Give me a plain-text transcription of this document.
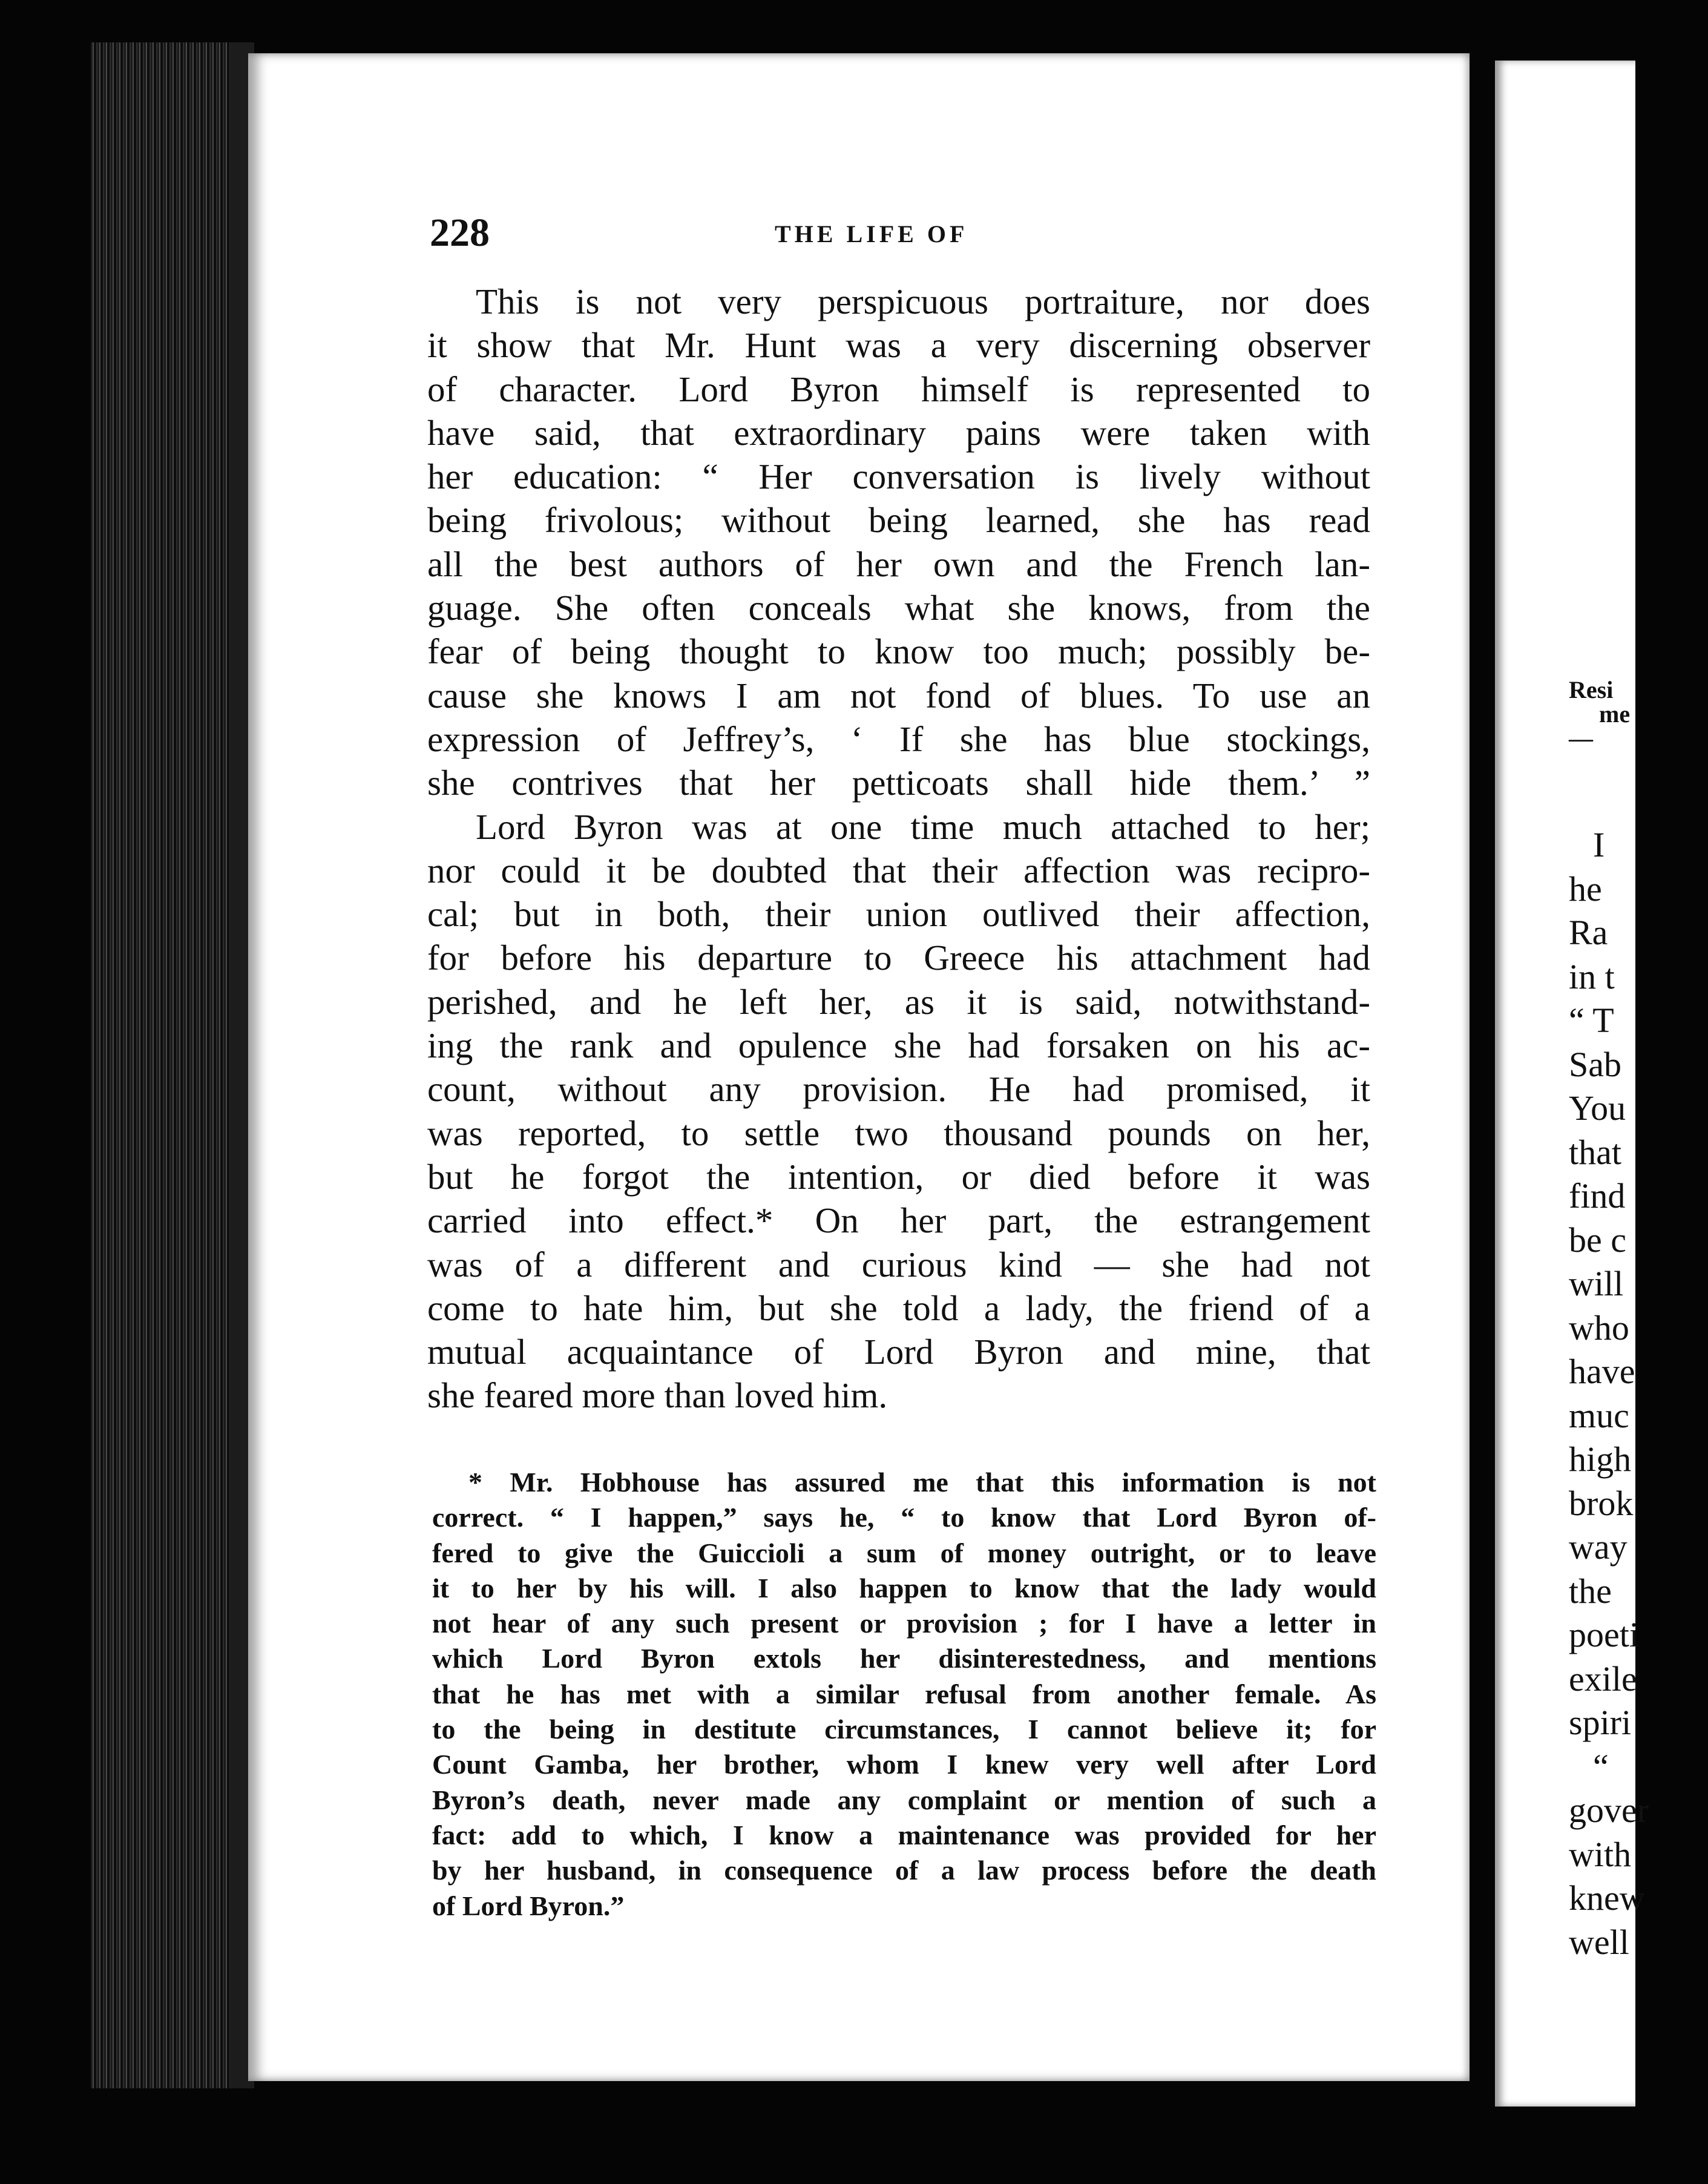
228	THE LIFE OF
This is not very perspicuous portraiture, nor does
it show that Mr. Hunt was a very discerning observer
of character. Lord Byron himself is represented to
have said, that extraordinary pains were taken with
her education: “ Her conversation is lively without
being frivolous; without being learned, she has read
all the best authors of her own and the French lan-
guage. She often conceals what she knows, from the
fear of being thought to know too much; possibly be-
cause she knows I am not fond of blues. To use an
expression of Jeffrey’s, ‘ If she has blue stockings,
she contrives that her petticoats shall hide them.’ ”
Lord Byron was at one time much attached to her;
nor could it be doubted that their affection was recipro-
cal; but in both, their union outlived their affection,
for before his departure to Greece his attachment had
perished, and he left her, as it is said, notwithstand-
ing the rank and opulence she had forsaken on his ac-
count, without any provision. He had promised, it
was reported, to settle two thousand pounds on her,
but he forgot the intention, or died before it was
carried into effect.* On her part, the estrangement
was of a different and curious kind — she had not
come to hate him, but she told a lady, the friend of a
mutual acquaintance of Lord Byron and mine, that
she feared more than loved him.
* Mr. Hobhouse has assured me that this information is not
correct. “ I happen,” says he, “ to know that Lord Byron of-
fered to give the Guiccioli a sum of money outright, or to leave
it to her by his will. I also happen to know that the lady would
not hear of any such present or provision ; for I have a letter in
which Lord Byron extols her disinterestedness, and mentions
that he has met with a similar refusal from another female. As
to the being in destitute circumstances, I cannot believe it; for
Count Gamba, her brother, whom I knew very well after Lord
Byron’s death, never made any complaint or mention of such a
fact: add to which, I know a maintenance was provided for her
by her husband, in consequence of a law process before the death
of Lord Byron.”
Resi
me
—
I
he
Ra
in t
“ T
Sab
You
that
find
be c
will
who
have
muc
high
brok
way
the
poeti
exile
spiri
“
gover
with
knew
well
